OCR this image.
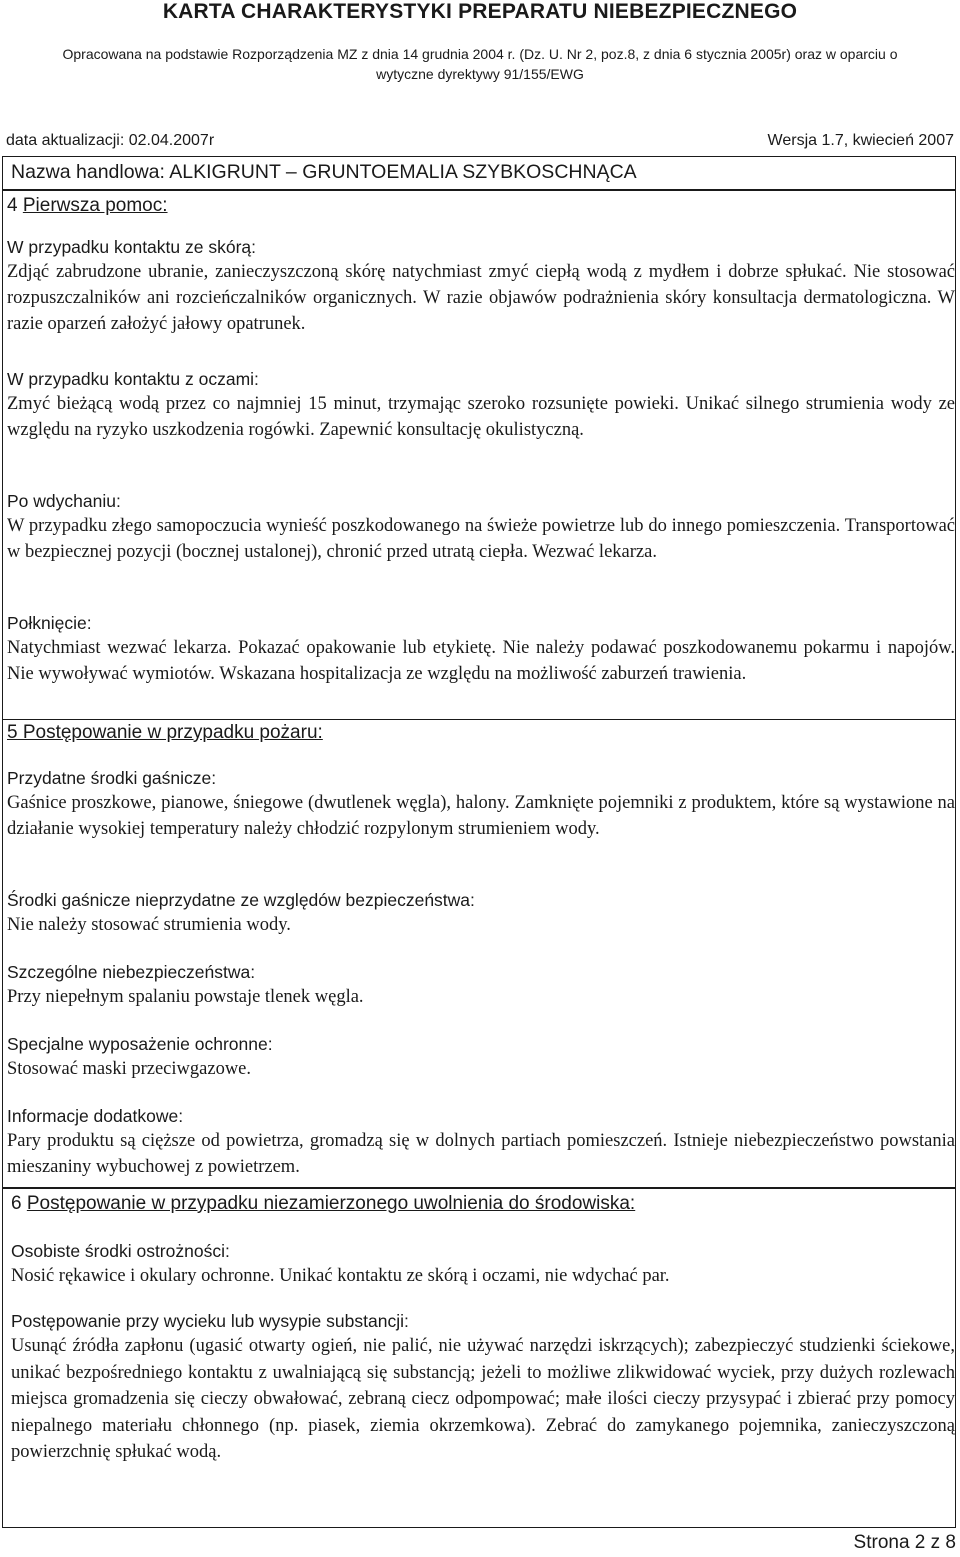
KARTA CHARAKTERYSTYKI PREPARATU NIEBEZPIECZNEGO
Opracowana na podstawie Rozporządzenia MZ z dnia 14 grudnia 2004 r. (Dz. U. Nr 2, poz.8, z dnia 6 stycznia 2005r) oraz w oparciu o wytyczne dyrektywy 91/155/EWG
data aktualizacji: 02.04.2007r	Wersja 1.7, kwiecień 2007
Nazwa handlowa: ALKIGRUNT – GRUNTOEMALIA SZYBKOSCHNĄCA
4 Pierwsza pomoc:
W przypadku kontaktu ze skórą:

Zdjąć zabrudzone ubranie, zanieczyszczoną skórę natychmiast zmyć ciepłą wodą z mydłem i dobrze spłukać. Nie stosować rozpuszczalników ani rozcieńczalników organicznych. W razie objawów podrażnienia skóry konsultacja dermatologiczna. W razie oparzeń założyć jałowy opatrunek.

W przypadku kontaktu z oczami:

Zmyć bieżącą wodą przez co najmniej 15 minut, trzymając szeroko rozsunięte powieki. Unikać silnego strumienia wody ze względu na ryzyko uszkodzenia rogówki. Zapewnić konsultację okulistyczną.

Po wdychaniu:

W przypadku złego samopoczucia wynieść poszkodowanego na świeże powietrze lub do innego pomieszczenia. Transportować w bezpiecznej pozycji (bocznej ustalonej), chronić przed utratą ciepła. Wezwać lekarza.

Połknięcie:

Natychmiast wezwać lekarza. Pokazać opakowanie lub etykietę. Nie należy podawać poszkodowanemu pokarmu i napojów. Nie wywoływać wymiotów. Wskazana hospitalizacja ze względu na możliwość zaburzeń trawienia.

5 Postępowanie w przypadku pożaru:
Przydatne środki gaśnicze:

Gaśnice proszkowe, pianowe, śniegowe (dwutlenek węgla), halony. Zamknięte pojemniki z produktem, które są wystawione na działanie wysokiej temperatury należy chłodzić rozpylonym strumieniem wody.

Środki gaśnicze nieprzydatne ze względów bezpieczeństwa:

Nie należy stosować strumienia wody.

Szczególne niebezpieczeństwa:

Przy niepełnym spalaniu powstaje tlenek węgla.

Specjalne wyposażenie ochronne:

Stosować maski przeciwgazowe.

Informacje dodatkowe:

Pary produktu są cięższe od powietrza, gromadzą się w dolnych partiach pomieszczeń. Istnieje niebezpieczeństwo powstania mieszaniny wybuchowej z powietrzem.

6 Postępowanie w przypadku niezamierzonego uwolnienia do środowiska:
Osobiste środki ostrożności:

Nosić rękawice i okulary ochronne. Unikać kontaktu ze skórą i oczami, nie wdychać par.

Postępowanie przy wycieku lub wysypie substancji:

Usunąć źródła zapłonu (ugasić otwarty ogień, nie palić, nie używać narzędzi iskrzących); zabezpieczyć studzienki ściekowe, unikać bezpośredniego kontaktu z uwalniającą się substancją; jeżeli to możliwe zlikwidować wyciek, przy dużych rozlewach miejsca gromadzenia się cieczy obwałować, zebraną ciecz odpompować; małe ilości cieczy przysypać i zbierać przy pomocy niepalnego materiału chłonnego (np. piasek, ziemia okrzemkowa). Zebrać do zamykanego pojemnika, zanieczyszczoną powierzchnię spłukać wodą.

Strona 2 z 8
